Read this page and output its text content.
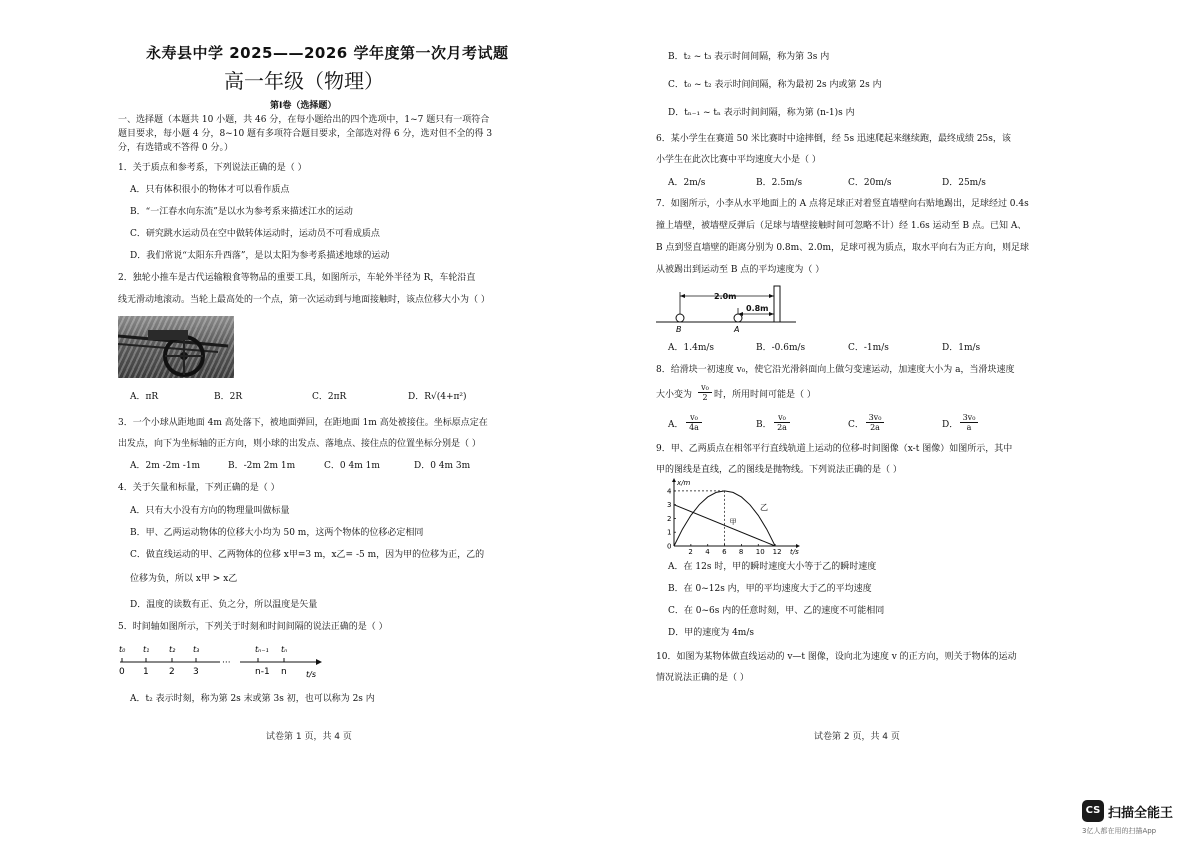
永寿县中学 2025——2026 学年度第一次月考试题
高一年级（物理）
第Ⅰ卷（选择题）
一、选择题（本题共 10 小题，共 46 分，在每小题给出的四个选项中，1~7 题只有一项符合
题目要求，每小题 4 分，8~10 题有多项符合题目要求，全部选对得 6 分，选对但不全的得 3
分，有选错或不答得 0 分。）
1．关于质点和参考系，下列说法正确的是（ ）
A．只有体积很小的物体才可以看作质点
B．“一江春水向东流”是以水为参考系来描述江水的运动
C．研究跳水运动员在空中做转体运动时，运动员不可看成质点
D．我们常说“太阳东升西落”，是以太阳为参考系描述地球的运动
2．独轮小推车是古代运输粮食等物品的重要工具，如图所示，车轮外半径为 R，车轮沿直
线无滑动地滚动。当轮上最高处的一个点，第一次运动到与地面接触时，该点位移大小为（ ）
A．πR	B．2R	C．2πR	D．R√(4+π²)
3．一个小球从距地面 4m 高处落下，被地面弹回，在距地面 1m 高处被接住。坐标原点定在
出发点，向下为坐标轴的正方向，则小球的出发点、落地点、接住点的位置坐标分别是（ ）
A．2m -2m -1m	B．-2m 2m 1m	C．0 4m 1m	D．0 4m 3m
4．关于矢量和标量，下列正确的是（ ）
A．只有大小没有方向的物理量叫做标量
B．甲、乙两运动物体的位移大小均为 50 m，这两个物体的位移必定相同
C．做直线运动的甲、乙两物体的位移 x甲=3 m，x乙= -5 m，因为甲的位移为正，乙的
位移为负，所以 x甲 > x乙
D．温度的读数有正、负之分，所以温度是矢量
5．时间轴如图所示，下列关于时刻和时间间隔的说法正确的是（ ）
t₀
0
t₁
1
t₂
2
t₃
3
tₙ₋₁
n-1
tₙ
n
···
t/s
A．t₂ 表示时刻，称为第 2s 末或第 3s 初，也可以称为 2s 内
试卷第 1 页，共 4 页
B．t₂ ~ t₃ 表示时间间隔，称为第 3s 内
C．t₀ ~ t₂ 表示时间间隔，称为最初 2s 内或第 2s 内
D．tₙ₋₁ ~ tₙ 表示时间间隔，称为第 (n-1)s 内
6．某小学生在赛道 50 米比赛时中途摔倒，经 5s 迅速爬起来继续跑，最终成绩 25s，该
小学生在此次比赛中平均速度大小是（ ）
A．2m/s	B．2.5m/s	C．20m/s	D．25m/s
7．如图所示，小李从水平地面上的 A 点将足球正对着竖直墙壁向右贴地踢出，足球经过 0.4s
撞上墙壁，被墙壁反弹后（足球与墙壁接触时间可忽略不计）经 1.6s 运动至 B 点。已知 A、
B 点到竖直墙壁的距离分别为 0.8m、2.0m，足球可视为质点，取水平向右为正方向，则足球
从被踢出到运动至 B 点的平均速度为（ ）
2.0m
0.8m
B	A
A．1.4m/s	B．-0.6m/s	C．-1m/s	D．1m/s
8．给滑块一初速度 v₀，使它沿光滑斜面向上做匀变速运动，加速度大小为 a，当滑块速度
大小变为
v₀
2 时，所用时间可能是（ ）
A．
v₀
4a	B．
v₀
2a	C．
3v₀
2a	D．
3v₀
a
9．甲、乙两质点在相邻平行直线轨道上运动的位移-时间图像（x-t 图像）如图所示，其中
甲的图线是直线，乙的图线是抛物线。下列说法正确的是（ ）
2 4 6 8 10 12
0
1
2
3
4
t/s
x/m
甲
乙
A．在 12s 时，甲的瞬时速度大小等于乙的瞬时速度
B．在 0~12s 内，甲的平均速度大于乙的平均速度
C．在 0~6s 内的任意时刻，甲、乙的速度不可能相同
D．甲的速度为 4m/s
10．如图为某物体做直线运动的 v—t 图像，设向北为速度 v 的正方向，则关于物体的运动
情况说法正确的是（ ）
试卷第 2 页，共 4 页
CS 扫描全能王
3亿人都在用的扫描App
